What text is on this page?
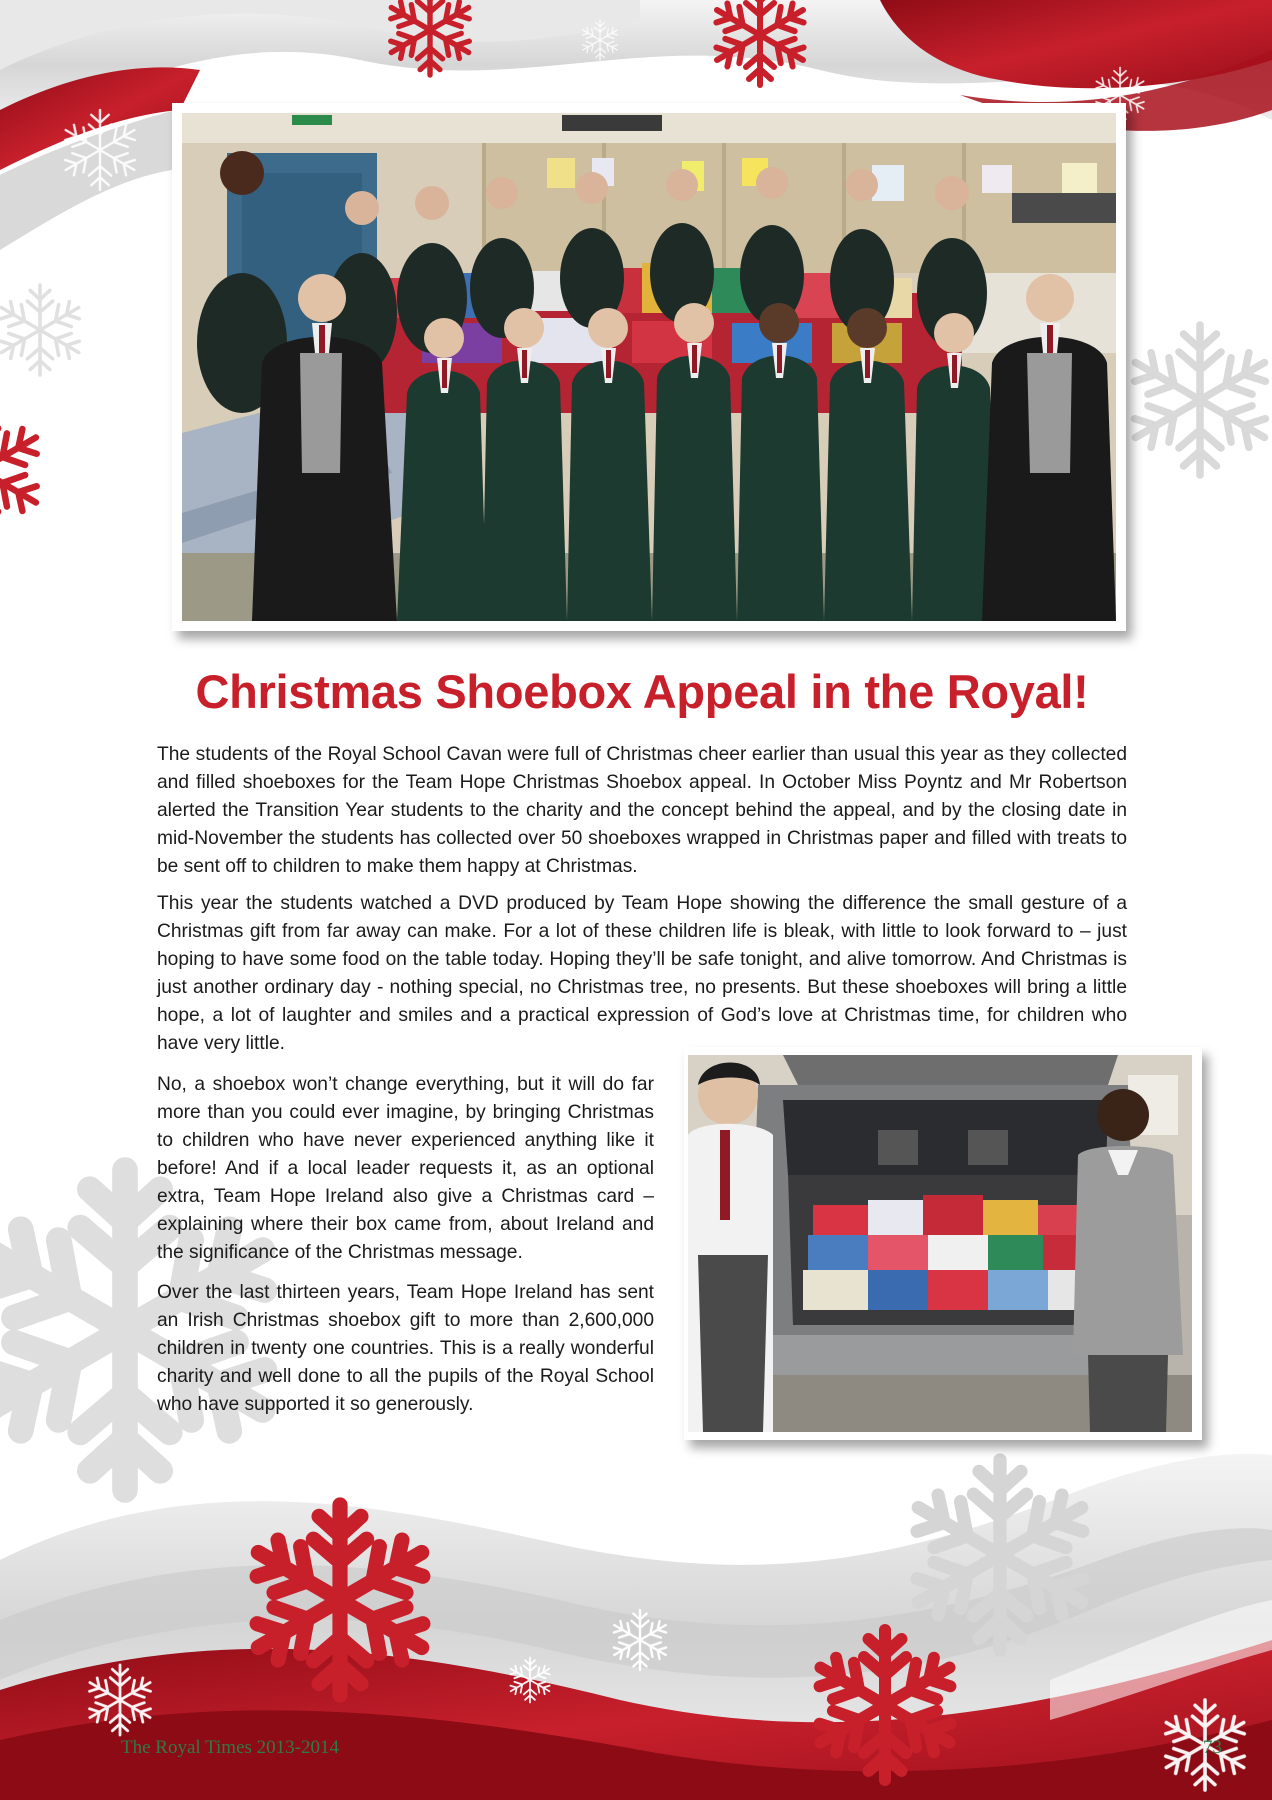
Christmas Shoebox Appeal in the Royal!

The students of the Royal School Cavan were full of Christmas cheer earlier than usual this year as they collected and filled shoeboxes for the Team Hope Christmas Shoebox appeal. In October Miss Poyntz and Mr Robertson alerted the Transition Year students to the charity and the concept behind the appeal, and by the closing date in mid-November the students has collected over 50 shoeboxes wrapped in Christmas paper and filled with treats to be sent off to children to make them happy at Christmas.

This year the students watched a DVD produced by Team Hope showing the difference the small gesture of a Christmas gift from far away can make. For a lot of these children life is bleak, with little to look forward to – just hoping to have some food on the table today. Hoping they’ll be safe tonight, and alive tomorrow. And Christmas is just another ordinary day - nothing special, no Christmas tree, no presents. But these shoeboxes will bring a little hope, a lot of laughter and smiles and a practical expression of God’s love at Christmas time, for children who have very little.

No, a shoebox won’t change everything, but it will do far more than you could ever imagine, by bringing Christmas to children who have never experienced anything like it before! And if a local leader requests it, as an optional extra, Team Hope Ireland also give a Christmas card – explaining where their box came from, about Ireland and the significance of the Christmas message.

Over the last thirteen years, Team Hope Ireland has sent an Irish Christmas shoebox gift to more than 2,600,000 children in twenty one countries. This is a really wonderful charity and well done to all the pupils of the Royal School who have supported it so generously.

The Royal Times 2013-2014	73
